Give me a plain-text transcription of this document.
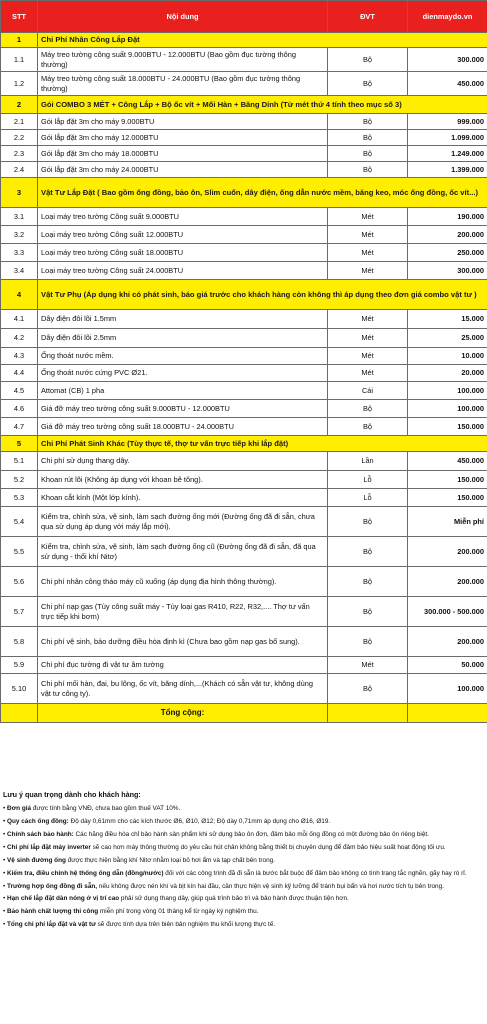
STT	Nội dung	ĐVT	dienmaydo.vn
1	Chi Phí Nhân Công Lắp Đặt		
1.1	Máy treo tường công suất 9.000BTU - 12.000BTU (Bao gồm đục tường thông thường)	Bộ	300.000
1.2	Máy treo tường công suất 18.000BTU - 24.000BTU (Bao gồm đục tường thông thường)	Bộ	450.000
2	Gói COMBO 3 MÉT + Công Lắp + Bộ ốc vít + Mối Hàn + Băng Dính (Từ mét thứ 4 tính theo mục số 3)		
2.1	Gói lắp đặt 3m cho máy 9.000BTU	Bộ	999.000
2.2	Gói lắp đặt 3m cho máy 12.000BTU	Bộ	1.099.000
2.3	Gói lắp đặt 3m cho máy 18.000BTU	Bộ	1.249.000
2.4	Gói lắp đặt 3m cho máy 24.000BTU	Bộ	1.399.000
3	Vật Tư Lắp Đặt ( Bao gồm ống đồng, bảo ôn, Slim cuốn, dây điện, ống dẫn nước mềm, băng keo, móc ống đồng, ốc vít...)		
3.1	Loại máy treo tường Công suất 9.000BTU	Mét	190.000
3.2	Loại máy treo tường Công suất 12.000BTU	Mét	200.000
3.3	Loại máy treo tường Công suất 18.000BTU	Mét	250.000
3.4	Loại máy treo tường Công suất 24.000BTU	Mét	300.000
4	Vật Tư Phụ (Áp dụng khi có phát sinh, báo giá trước cho khách hàng còn không thì áp dụng theo đơn giá combo vật tư )		
4.1	Dây điện đôi lõi 1.5mm	Mét	15.000
4.2	Dây điện đôi lõi 2.5mm	Mét	25.000
4.3	Ống thoát nước mềm.	Mét	10.000
4.4	Ống thoát nước cứng PVC Ø21.	Mét	20.000
4.5	Attomat (CB) 1 pha	Cái	100.000
4.6	Giá đỡ máy treo tường công suất 9.000BTU - 12.000BTU	Bộ	100.000
4.7	Giá đỡ máy treo tường công suất 18.000BTU - 24.000BTU	Bộ	150.000
5	Chi Phí Phát Sinh Khác (Tùy thực tế, thợ tư vấn trực tiếp khi lắp đặt)		
5.1	Chi phí sử dụng thang dây.	Lần	450.000
5.2	Khoan rút lõi (Không áp dụng với khoan bê tông).	Lỗ	150.000
5.3	Khoan cắt kính (Một lớp kính).	Lỗ	150.000
5.4	Kiểm tra, chỉnh sửa, vệ sinh, làm sạch đường ống mới (Đường ống đã đi sẵn, chưa qua sử dụng áp dụng với máy lắp mới).	Bộ	Miễn phí
5.5	Kiểm tra, chỉnh sửa, vệ sinh, làm sạch đường ống cũ (Đường ống đã đi sẵn, đã qua sử dụng - thổi khí Nitơ)	Bộ	200.000
5.6	Chi phí nhân công tháo máy cũ xuống (áp dụng địa hình thông thường).	Bộ	200.000
5.7	Chi phí nạp gas (Tùy công suất máy - Tùy loại gas R410, R22, R32,.... Thợ tư vấn trực tiếp khi bơm)	Bộ	300.000 - 500.000
5.8	Chi phí vệ sinh, bảo dưỡng điều hòa định kì (Chưa bao gồm nạp gas bổ sung).	Bộ	200.000
5.9	Chi phí đục tường đi vật tư âm tường	Mét	50.000
5.10	Chi phí mối hàn, đai, bu lông, ốc vít, băng dính,...(Khách có sẵn vật tư, không dùng vật tư công ty).	Bộ	100.000
	Tổng cộng:		
Lưu ý quan trọng dành cho khách hàng:
• Đơn giá được tính bằng VNĐ, chưa bao gồm thuế VAT 10%.
• Quy cách ống đồng: Độ dày 0,61mm cho các kích thước Ø6, Ø10, Ø12; Độ dày 0,71mm áp dụng cho Ø16, Ø19.
• Chính sách bảo hành: Các hãng điều hòa chỉ bảo hành sản phẩm khi sử dụng bảo ôn đơn, đảm bảo mỗi ống đồng có một đường bảo ôn riêng biệt.
• Chi phí lắp đặt máy inverter sẽ cao hơn máy thông thường do yêu cầu hút chân không bằng thiết bị chuyên dụng để đảm bảo hiệu suất hoạt động tối ưu.
• Vệ sinh đường ống được thực hiện bằng khí Nitơ nhằm loại bỏ hơi ẩm và tạp chất bên trong.
• Kiểm tra, điều chỉnh hệ thống ống dẫn (đồng/nước) đối với các công trình đã đi sẵn là bước bắt buộc để đảm bảo không có tình trạng tắc nghẽn, gãy hay rò rỉ.
• Trường hợp ống đồng đi sẵn, nếu không được nén khí và bịt kín hai đầu, cần thực hiện vệ sinh kỹ lưỡng để tránh bụi bẩn và hơi nước tích tụ bên trong.
• Hạn chế lắp đặt dàn nóng ở vị trí cao phải sử dụng thang dây, giúp quá trình bảo trì và bảo hành được thuận tiện hơn.
• Bảo hành chất lượng thi công miễn phí trong vòng 01 tháng kể từ ngày ký nghiệm thu.
• Tổng chi phí lắp đặt và vật tư sẽ được tính dựa trên biên bản nghiệm thu khối lượng thực tế.
